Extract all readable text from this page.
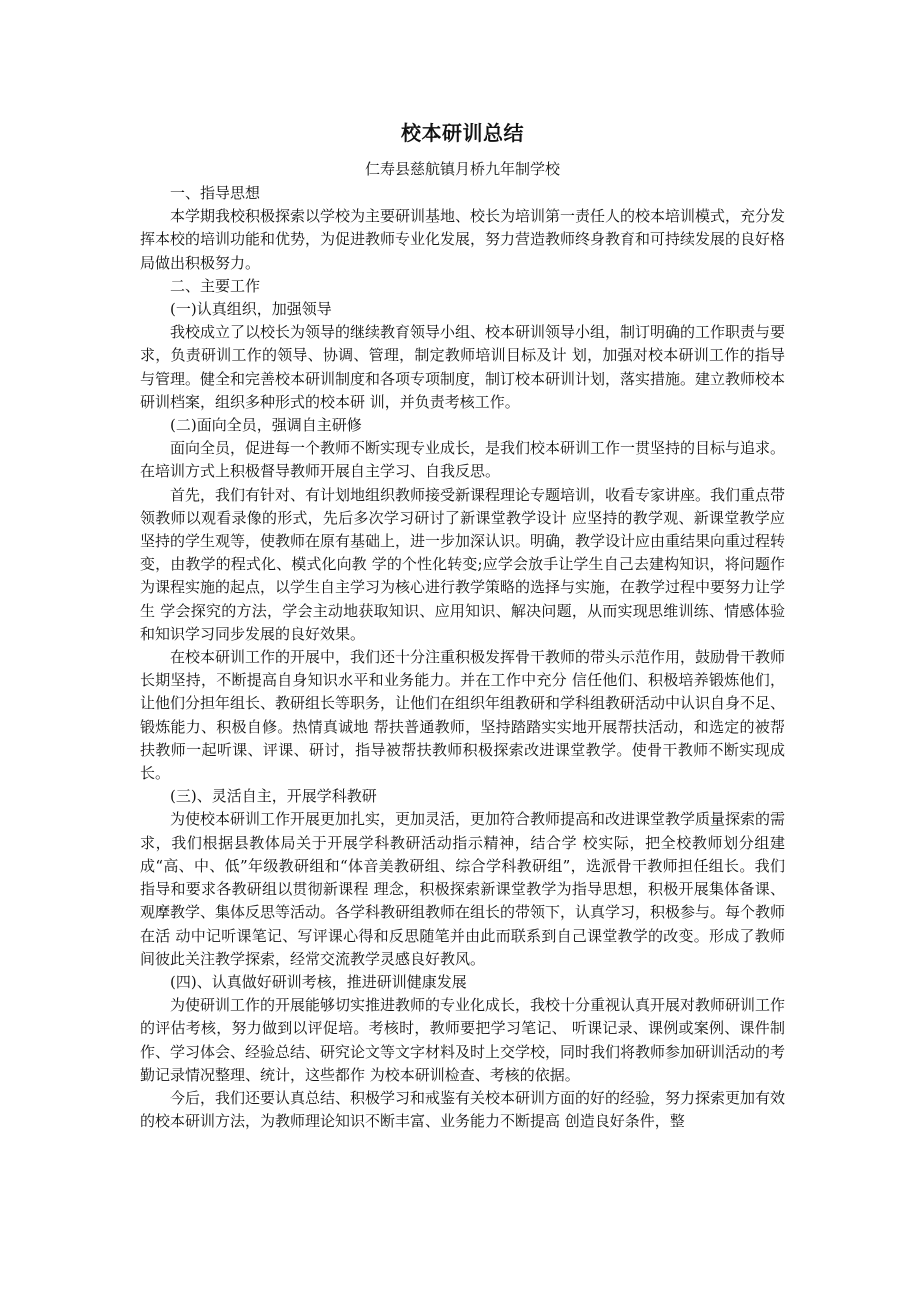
校本研训总结
仁寿县慈航镇月桥九年制学校
一、指导思想
本学期我校积极探索以学校为主要研训基地、校长为培训第一责任人的校本培训模式，充分发挥本校的培训功能和优势，为促进教师专业化发展，努力营造教师终身教育和可持续发展的良好格局做出积极努力。
二、主要工作
(一)认真组织，加强领导
我校成立了以校长为领导的继续教育领导小组、校本研训领导小组，制订明确的工作职责与要求，负责研训工作的领导、协调、管理，制定教师培训目标及计 划，加强对校本研训工作的指导与管理。健全和完善校本研训制度和各项专项制度，制订校本研训计划，落实措施。建立教师校本研训档案，组织多种形式的校本研 训，并负责考核工作。
(二)面向全员，强调自主研修
面向全员，促进每一个教师不断实现专业成长，是我们校本研训工作一贯坚持的目标与追求。在培训方式上积极督导教师开展自主学习、自我反思。
首先，我们有针对、有计划地组织教师接受新课程理论专题培训，收看专家讲座。我们重点带领教师以观看录像的形式，先后多次学习研讨了新课堂教学设计 应坚持的教学观、新课堂教学应坚持的学生观等，使教师在原有基础上，进一步加深认识。明确，教学设计应由重结果向重过程转变，由教学的程式化、模式化向教 学的个性化转变;应学会放手让学生自己去建构知识，将问题作为课程实施的起点，以学生自主学习为核心进行教学策略的选择与实施，在教学过程中要努力让学生 学会探究的方法，学会主动地获取知识、应用知识、解决问题，从而实现思维训练、情感体验和知识学习同步发展的良好效果。
在校本研训工作的开展中，我们还十分注重积极发挥骨干教师的带头示范作用，鼓励骨干教师长期坚持，不断提高自身知识水平和业务能力。并在工作中充分 信任他们、积极培养锻炼他们，让他们分担年组长、教研组长等职务，让他们在组织年组教研和学科组教研活动中认识自身不足、锻炼能力、积极自修。热情真诚地 帮扶普通教师，坚持踏踏实实地开展帮扶活动，和选定的被帮扶教师一起听课、评课、研讨，指导被帮扶教师积极探索改进课堂教学。使骨干教师不断实现成长。
(三)、灵活自主，开展学科教研
为使校本研训工作开展更加扎实，更加灵活，更加符合教师提高和改进课堂教学质量探索的需求，我们根据县教体局关于开展学科教研活动指示精神，结合学 校实际，把全校教师划分组建成“高、中、低”年级教研组和“体音美教研组、综合学科教研组”，选派骨干教师担任组长。我们指导和要求各教研组以贯彻新课程 理念，积极探索新课堂教学为指导思想，积极开展集体备课、观摩教学、集体反思等活动。各学科教研组教师在组长的带领下，认真学习，积极参与。每个教师在活 动中记听课笔记、写评课心得和反思随笔并由此而联系到自己课堂教学的改变。形成了教师间彼此关注教学探索，经常交流教学灵感良好教风。
(四)、认真做好研训考核，推进研训健康发展
为使研训工作的开展能够切实推进教师的专业化成长，我校十分重视认真开展对教师研训工作的评估考核，努力做到以评促培。考核时，教师要把学习笔记、 听课记录、课例或案例、课件制作、学习体会、经验总结、研究论文等文字材料及时上交学校，同时我们将教师参加研训活动的考勤记录情况整理、统计，这些都作 为校本研训检查、考核的依据。
今后，我们还要认真总结、积极学习和戒鉴有关校本研训方面的好的经验，努力探索更加有效的校本研训方法，为教师理论知识不断丰富、业务能力不断提高 创造良好条件，整
